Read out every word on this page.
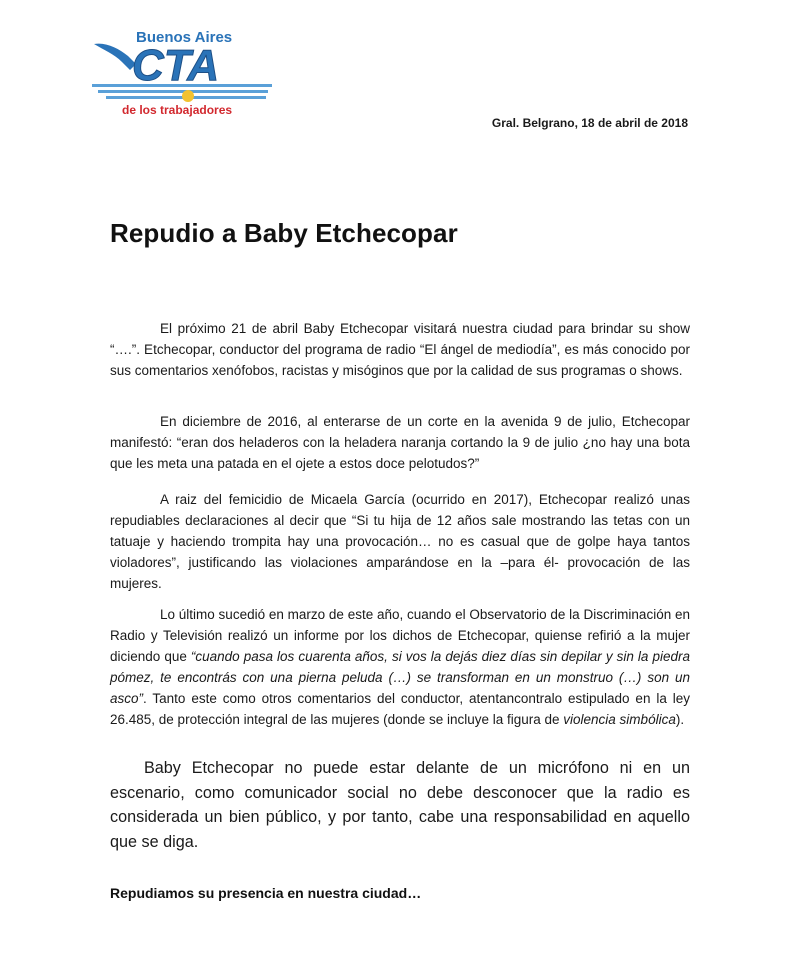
Buenos Aires
CTA
de los trabajadores
Gral. Belgrano, 18 de abril de 2018
Repudio a Baby Etchecopar

El próximo 21 de abril Baby Etchecopar visitará nuestra ciudad para brindar su show “….”. Etchecopar, conductor del programa de radio “El ángel de mediodía”, es más conocido por sus comentarios xenófobos, racistas y misóginos que por la calidad de sus programas o shows.

En diciembre de 2016, al enterarse de un corte en la avenida 9 de julio, Etchecopar manifestó: “eran dos heladeros con la heladera naranja cortando la 9 de julio ¿no hay una bota que les meta una patada en el ojete a estos doce pelotudos?”

A raiz del femicidio de Micaela García (ocurrido en 2017), Etchecopar realizó unas repudiables declaraciones al decir que “Si tu hija de 12 años sale mostrando las tetas con un tatuaje y haciendo trompita hay una provocación… no es casual que de golpe haya tantos violadores”, justificando las violaciones amparándose en la –para él- provocación de las mujeres.

Lo último sucedió en marzo de este año, cuando el Observatorio de la Discriminación en Radio y Televisión realizó un informe por los dichos de Etchecopar, quiense refirió a la mujer diciendo que “cuando pasa los cuarenta años, si vos la dejás diez días sin depilar y sin la piedra pómez, te encontrás con una pierna peluda (…) se transforman en un monstruo (…) son un asco”. Tanto este como otros comentarios del conductor, atentancontralo estipulado en la ley 26.485, de protección integral de las mujeres (donde se incluye la figura de violencia simbólica).

Baby Etchecopar no puede estar delante de un micrófono ni en un escenario, como comunicador social no debe desconocer que la radio es considerada un bien público, y por tanto, cabe una responsabilidad en aquello que se diga.

Repudiamos su presencia en nuestra ciudad…
